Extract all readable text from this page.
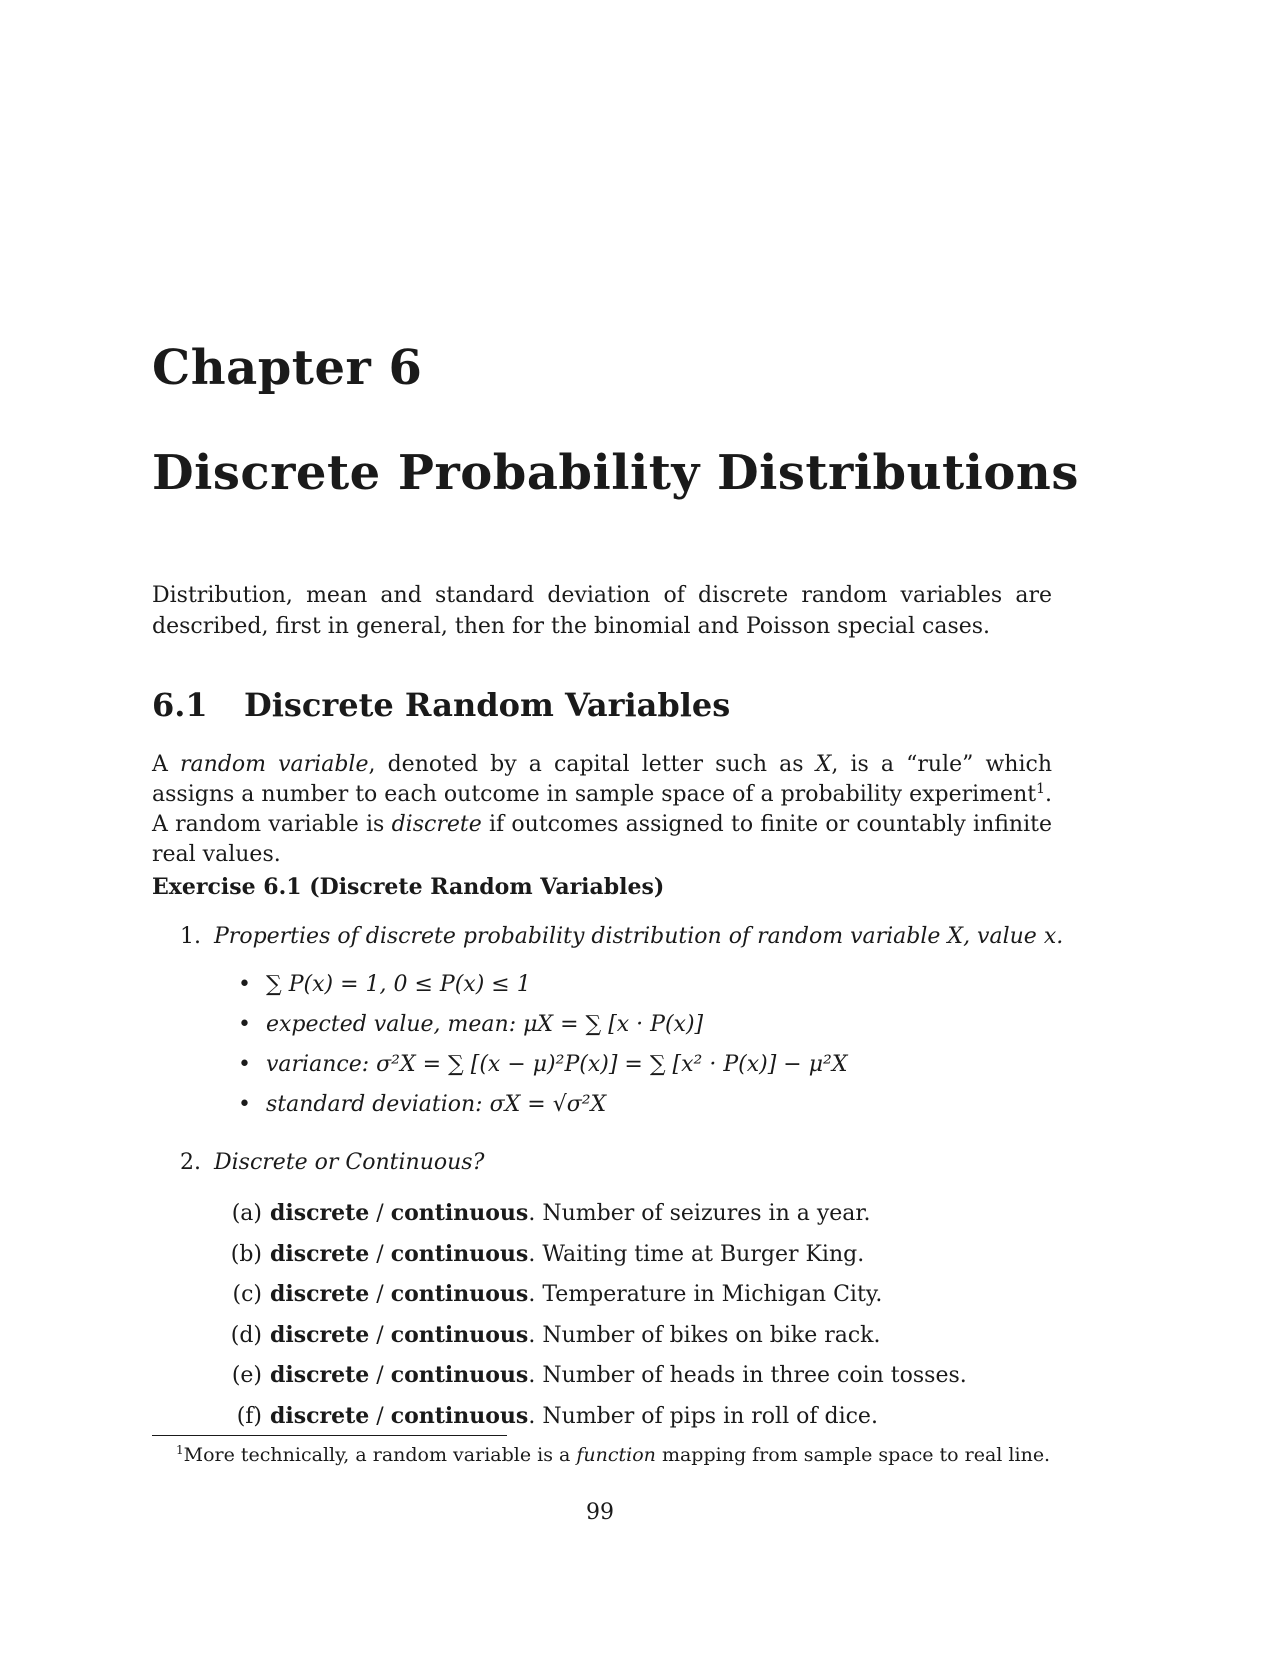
Chapter 6
Discrete Probability Distributions

Distribution, mean and standard deviation of discrete random variables are described, first in general, then for the binomial and Poisson special cases.

6.1 Discrete Random Variables

A random variable, denoted by a capital letter such as X, is a “rule” which assigns a number to each outcome in sample space of a probability experiment$^1$. A random variable is discrete if outcomes assigned to finite or countably infinite real values.

Exercise 6.1 (Discrete Random Variables)

1. Properties of discrete probability distribution of random variable X, value x.

• ∑ P(x) = 1, 0 ≤ P(x) ≤ 1
• expected value, mean: μX = ∑ [x · P(x)]
• variance: σ²X = ∑ [(x − μ)²P(x)] = ∑ [x² · P(x)] − μ²X
• standard deviation: σX = √σ²X

2. Discrete or Continuous?

(a) discrete / continuous. Number of seizures in a year.
(b) discrete / continuous. Waiting time at Burger King.
(c) discrete / continuous. Temperature in Michigan City.
(d) discrete / continuous. Number of bikes on bike rack.
(e) discrete / continuous. Number of heads in three coin tosses.
(f) discrete / continuous. Number of pips in roll of dice.

$^1$More technically, a random variable is a function mapping from sample space to real line.

99
